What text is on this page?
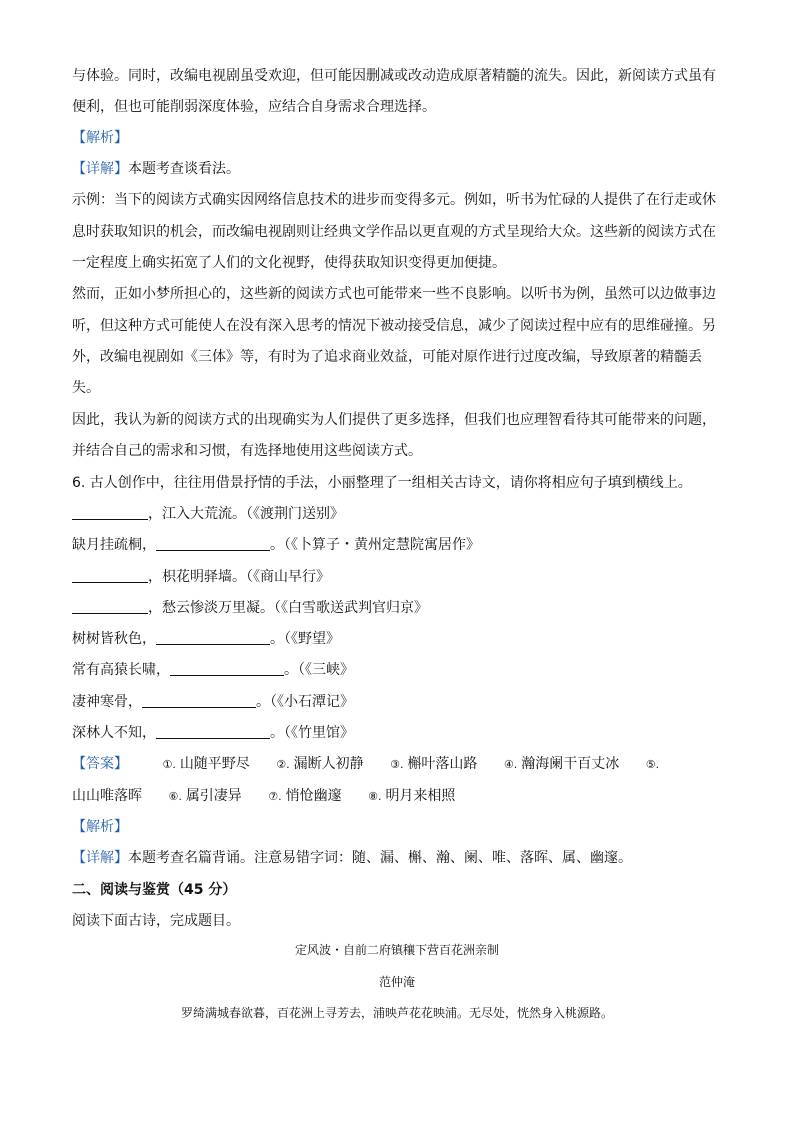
与体验。同时，改编电视剧虽受欢迎，但可能因删减或改动造成原著精髓的流失。因此，新阅读方式虽有
便利，但也可能削弱深度体验，应结合自身需求合理选择。
【解析】
【详解】本题考查谈看法。
示例：当下的阅读方式确实因网络信息技术的进步而变得多元。例如，听书为忙碌的人提供了在行走或休
息时获取知识的机会，而改编电视剧则让经典文学作品以更直观的方式呈现给大众。这些新的阅读方式在
一定程度上确实拓宽了人们的文化视野，使得获取知识变得更加便捷。
然而，正如小梦所担心的，这些新的阅读方式也可能带来一些不良影响。以听书为例，虽然可以边做事边
听，但这种方式可能使人在没有深入思考的情况下被动接受信息，减少了阅读过程中应有的思维碰撞。另
外，改编电视剧如《三体》等，有时为了追求商业效益，可能对原作进行过度改编，导致原著的精髓丢
失。
因此，我认为新的阅读方式的出现确实为人们提供了更多选择，但我们也应理智看待其可能带来的问题，
并结合自己的需求和习惯，有选择地使用这些阅读方式。
6. 古人创作中，往往用借景抒情的手法，小丽整理了一组相关古诗文，请你将相应句子填到横线上。
，江入大荒流。（《渡荆门送别》
缺月挂疏桐，	。（《卜算子・黄州定慧院寓居作》
，枳花明驿墙。（《商山早行》
，愁云惨淡万里凝。（《白雪歌送武判官归京》
树树皆秋色，	。（《野望》
常有高猿长啸，	。（《三峡》
凄神寒骨，	。（《小石潭记》
深林人不知，	。（《竹里馆》
【答案】	①. 山随平野尽 ②. 漏断人初静 ③. 槲叶落山路 ④. 瀚海阑干百丈冰 ⑤.
山山唯落晖 ⑥. 属引凄异 ⑦. 悄怆幽邃 ⑧. 明月来相照
【解析】
【详解】本题考查名篇背诵。注意易错字词：随、漏、槲、瀚、阑、唯、落晖、属、幽邃。
二、阅读与鉴赏（45 分）
阅读下面古诗，完成题目。
定风波・自前二府镇穰下营百花洲亲制
范仲淹
罗绮满城春欲暮，百花洲上寻芳去，浦映芦花花映浦。无尽处，恍然身入桃源路。
